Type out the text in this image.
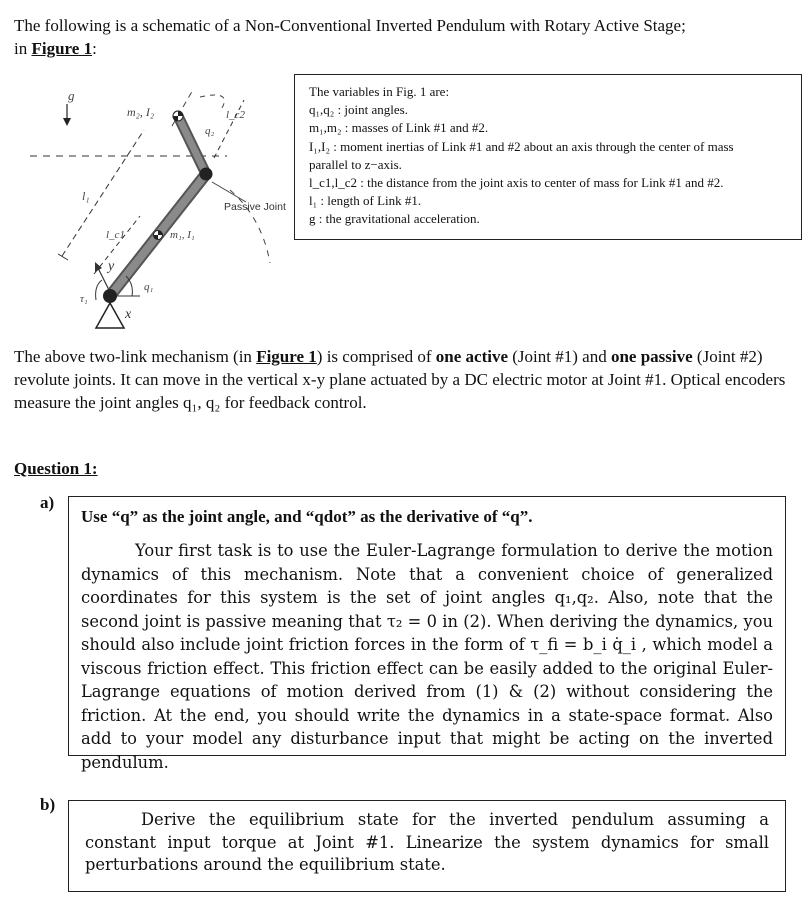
The following is a schematic of a Non-Conventional Inverted Pendulum with Rotary Active Stage;
in Figure 1:
g
l₁
l_c1
l_c2
y
x
m₁, I₁
m₂, I₂
q₂
Passive Joint
q₁
τ₁
The variables in Fig. 1 are:
q₁,q₂ : joint angles.
m₁,m₂ : masses of Link #1 and #2.
I₁,I₂ : moment inertias of Link #1 and #2 about an axis through the center of mass
parallel to z−axis.
l_c1,l_c2 : the distance from the joint axis to center of mass for Link #1 and #2.
l₁ : length of Link #1.
g : the gravitational acceleration.
The above two-link mechanism (in Figure 1) is comprised of one active (Joint #1) and one passive (Joint #2) revolute joints. It can move in the vertical x-y plane actuated by a DC electric motor at Joint #1. Optical encoders measure the joint angles q₁, q₂ for feedback control.
Question 1:
a)
Use “q” as the joint angle, and “qdot” as the derivative of “q”.
Your first task is to use the Euler-Lagrange formulation to derive the motion dynamics of this mechanism. Note that a convenient choice of generalized coordinates for this system is the set of joint angles q₁,q₂. Also, note that the second joint is passive meaning that τ₂ = 0 in (2). When deriving the dynamics, you should also include joint friction forces in the form of τ_fi = b_i q̇_i , which model a viscous friction effect. This friction effect can be easily added to the original Euler-Lagrange equations of motion derived from (1) & (2) without considering the friction. At the end, you should write the dynamics in a state-space format. Also add to your model any disturbance input that might be acting on the inverted pendulum.
b)
Derive the equilibrium state for the inverted pendulum assuming a constant input torque at Joint #1. Linearize the system dynamics for small perturbations around the equilibrium state.
